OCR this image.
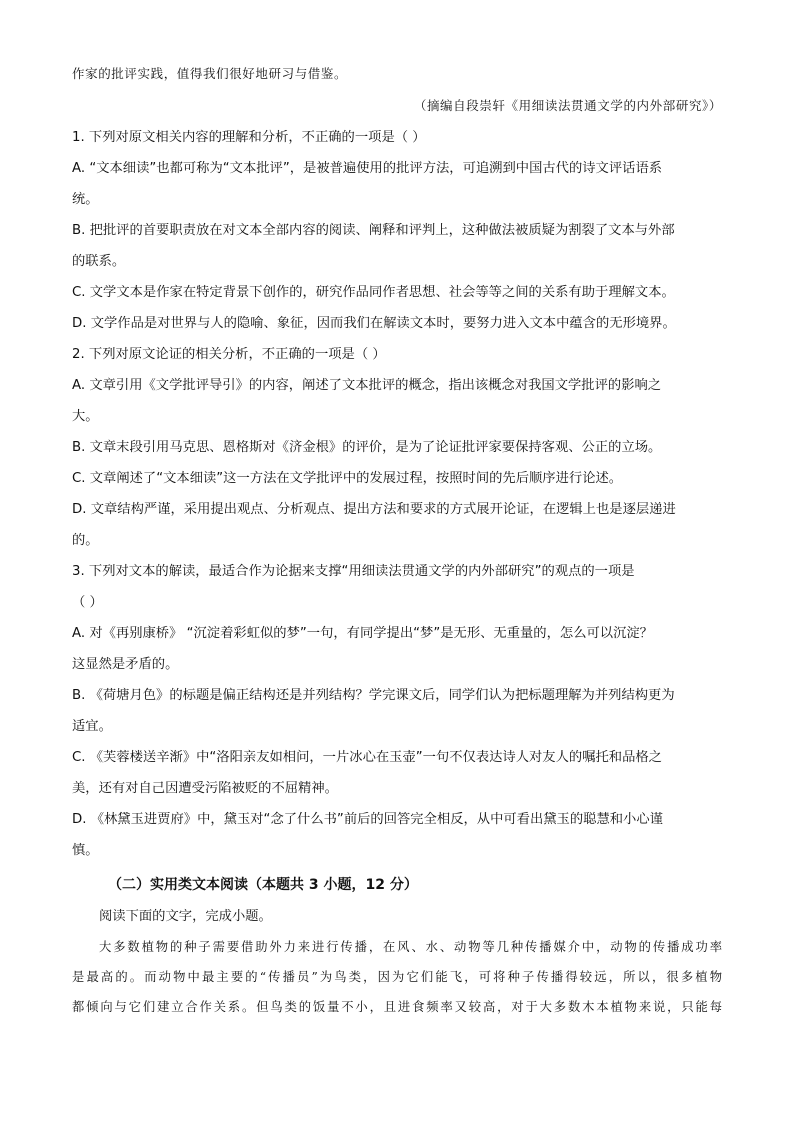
作家的批评实践，值得我们很好地研习与借鉴。
（摘编自段崇轩《用细读法贯通文学的内外部研究》）
1. 下列对原文相关内容的理解和分析，不正确的一项是（ ）
A. “文本细读”也都可称为“文本批评”，是被普遍使用的批评方法，可追溯到中国古代的诗文评话语系
统。
B. 把批评的首要职责放在对文本全部内容的阅读、阐释和评判上，这种做法被质疑为割裂了文本与外部
的联系。
C. 文学文本是作家在特定背景下创作的，研究作品同作者思想、社会等等之间的关系有助于理解文本。
D. 文学作品是对世界与人的隐喻、象征，因而我们在解读文本时，要努力进入文本中蕴含的无形境界。
2. 下列对原文论证的相关分析，不正确的一项是（ ）
A. 文章引用《文学批评导引》的内容，阐述了文本批评的概念，指出该概念对我国文学批评的影响之
大。
B. 文章末段引用马克思、恩格斯对《济金根》的评价，是为了论证批评家要保持客观、公正的立场。
C. 文章阐述了“文本细读”这一方法在文学批评中的发展过程，按照时间的先后顺序进行论述。
D. 文章结构严谨，采用提出观点、分析观点、提出方法和要求的方式展开论证，在逻辑上也是逐层递进
的。
3. 下列对文本的解读，最适合作为论据来支撑“用细读法贯通文学的内外部研究”的观点的一项是
（ ）
A. 对《再别康桥》 “沉淀着彩虹似的梦”一句，有同学提出“梦”是无形、无重量的，怎么可以沉淀？
这显然是矛盾的。
B. 《荷塘月色》的标题是偏正结构还是并列结构？学完课文后，同学们认为把标题理解为并列结构更为
适宜。
C. 《芙蓉楼送辛渐》中“洛阳亲友如相问，一片冰心在玉壶”一句不仅表达诗人对友人的嘱托和品格之
美，还有对自己因遭受污陷被贬的不屈精神。
D. 《林黛玉进贾府》中，黛玉对“念了什么书”前后的回答完全相反，从中可看出黛玉的聪慧和小心谨
慎。
（二）实用类文本阅读（本题共 3 小题，12 分）
阅读下面的文字，完成小题。
大多数植物的种子需要借助外力来进行传播，在风、水、动物等几种传播媒介中，动物的传播成功率
是最高的。而动物中最主要的“传播员”为鸟类，因为它们能飞，可将种子传播得较远，所以，很多植物
都倾向与它们建立合作关系。但鸟类的饭量不小，且进食频率又较高，对于大多数木本植物来说，只能每
